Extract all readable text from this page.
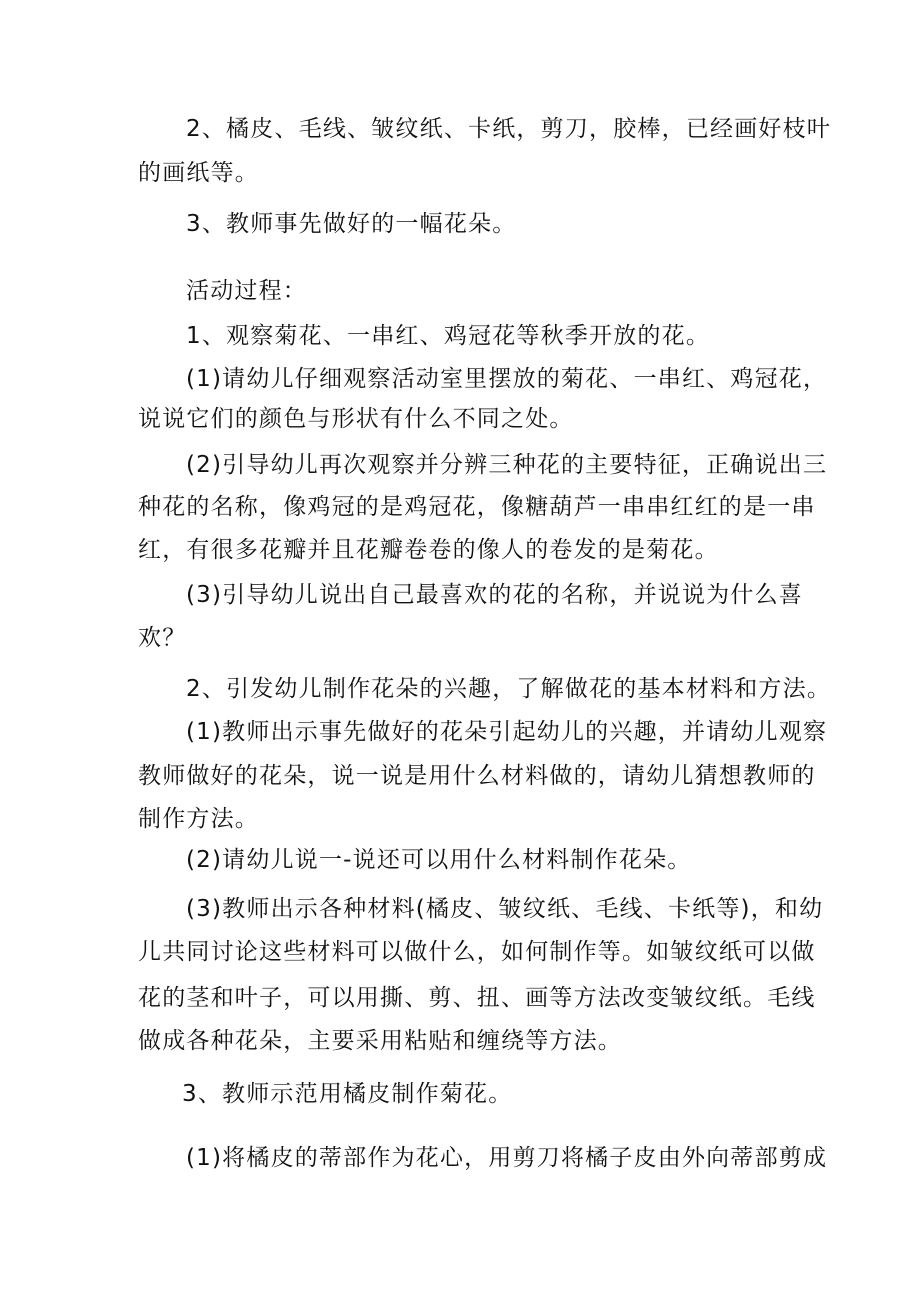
2、橘皮、毛线、皱纹纸、卡纸，剪刀，胶棒，已经画好枝叶

的画纸等。

3、教师事先做好的一幅花朵。

活动过程：

1、观察菊花、一串红、鸡冠花等秋季开放的花。

(1)请幼儿仔细观察活动室里摆放的菊花、一串红、鸡冠花，

说说它们的颜色与形状有什么不同之处。

(2)引导幼儿再次观察并分辨三种花的主要特征，正确说出三

种花的名称，像鸡冠的是鸡冠花，像糖葫芦一串串红红的是一串

红，有很多花瓣并且花瓣卷卷的像人的卷发的是菊花。

(3)引导幼儿说出自己最喜欢的花的名称，并说说为什么喜

欢？

2、引发幼儿制作花朵的兴趣，了解做花的基本材料和方法。

(1)教师出示事先做好的花朵引起幼儿的兴趣，并请幼儿观察

教师做好的花朵，说一说是用什么材料做的，请幼儿猜想教师的

制作方法。

(2)请幼儿说一-说还可以用什么材料制作花朵。

(3)教师出示各种材料(橘皮、皱纹纸、毛线、卡纸等)，和幼

儿共同讨论这些材料可以做什么，如何制作等。如皱纹纸可以做

花的茎和叶子，可以用撕、剪、扭、画等方法改变皱纹纸。毛线

做成各种花朵，主要采用粘贴和缠绕等方法。

3、教师示范用橘皮制作菊花。

(1)将橘皮的蒂部作为花心，用剪刀将橘子皮由外向蒂部剪成
